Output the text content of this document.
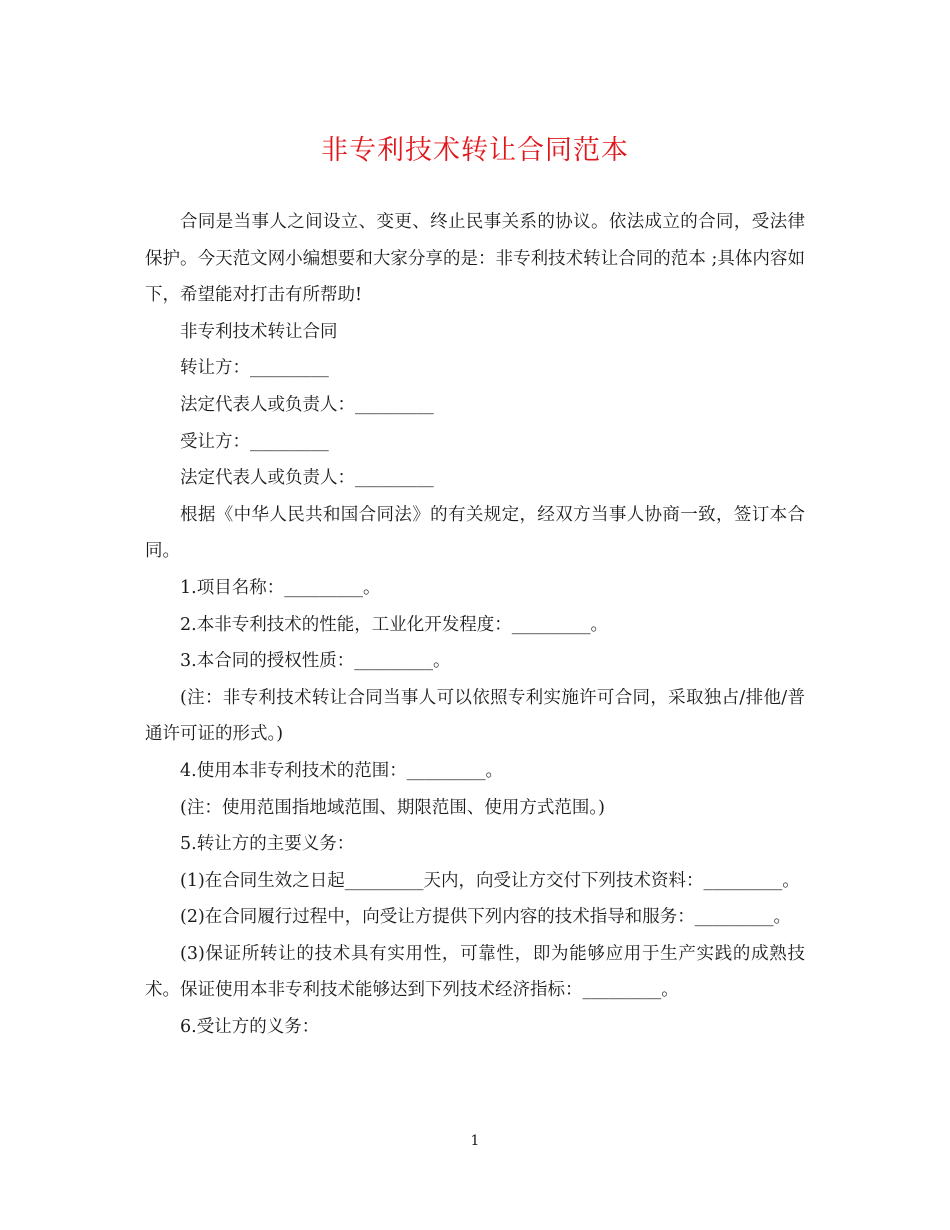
非专利技术转让合同范本

合同是当事人之间设立、变更、终止民事关系的协议。依法成立的合同，受法律保护。今天范文网小编想要和大家分享的是：非专利技术转让合同的范本 ;具体内容如下，希望能对打击有所帮助!

非专利技术转让合同

转让方：_________

法定代表人或负责人：_________

受让方：_________

法定代表人或负责人：_________

根据《中华人民共和国合同法》的有关规定，经双方当事人协商一致，签订本合同。

1.项目名称：_________。

2.本非专利技术的性能，工业化开发程度：_________。

3.本合同的授权性质：_________。

(注：非专利技术转让合同当事人可以依照专利实施许可合同，采取独占/排他/普通许可证的形式。)

4.使用本非专利技术的范围：_________。

(注：使用范围指地域范围、期限范围、使用方式范围。)

5.转让方的主要义务：

(1)在合同生效之日起_________天内，向受让方交付下列技术资料：_________。

(2)在合同履行过程中，向受让方提供下列内容的技术指导和服务：_________。

(3)保证所转让的技术具有实用性，可靠性，即为能够应用于生产实践的成熟技术。保证使用本非专利技术能够达到下列技术经济指标：_________。

6.受让方的义务：

1
